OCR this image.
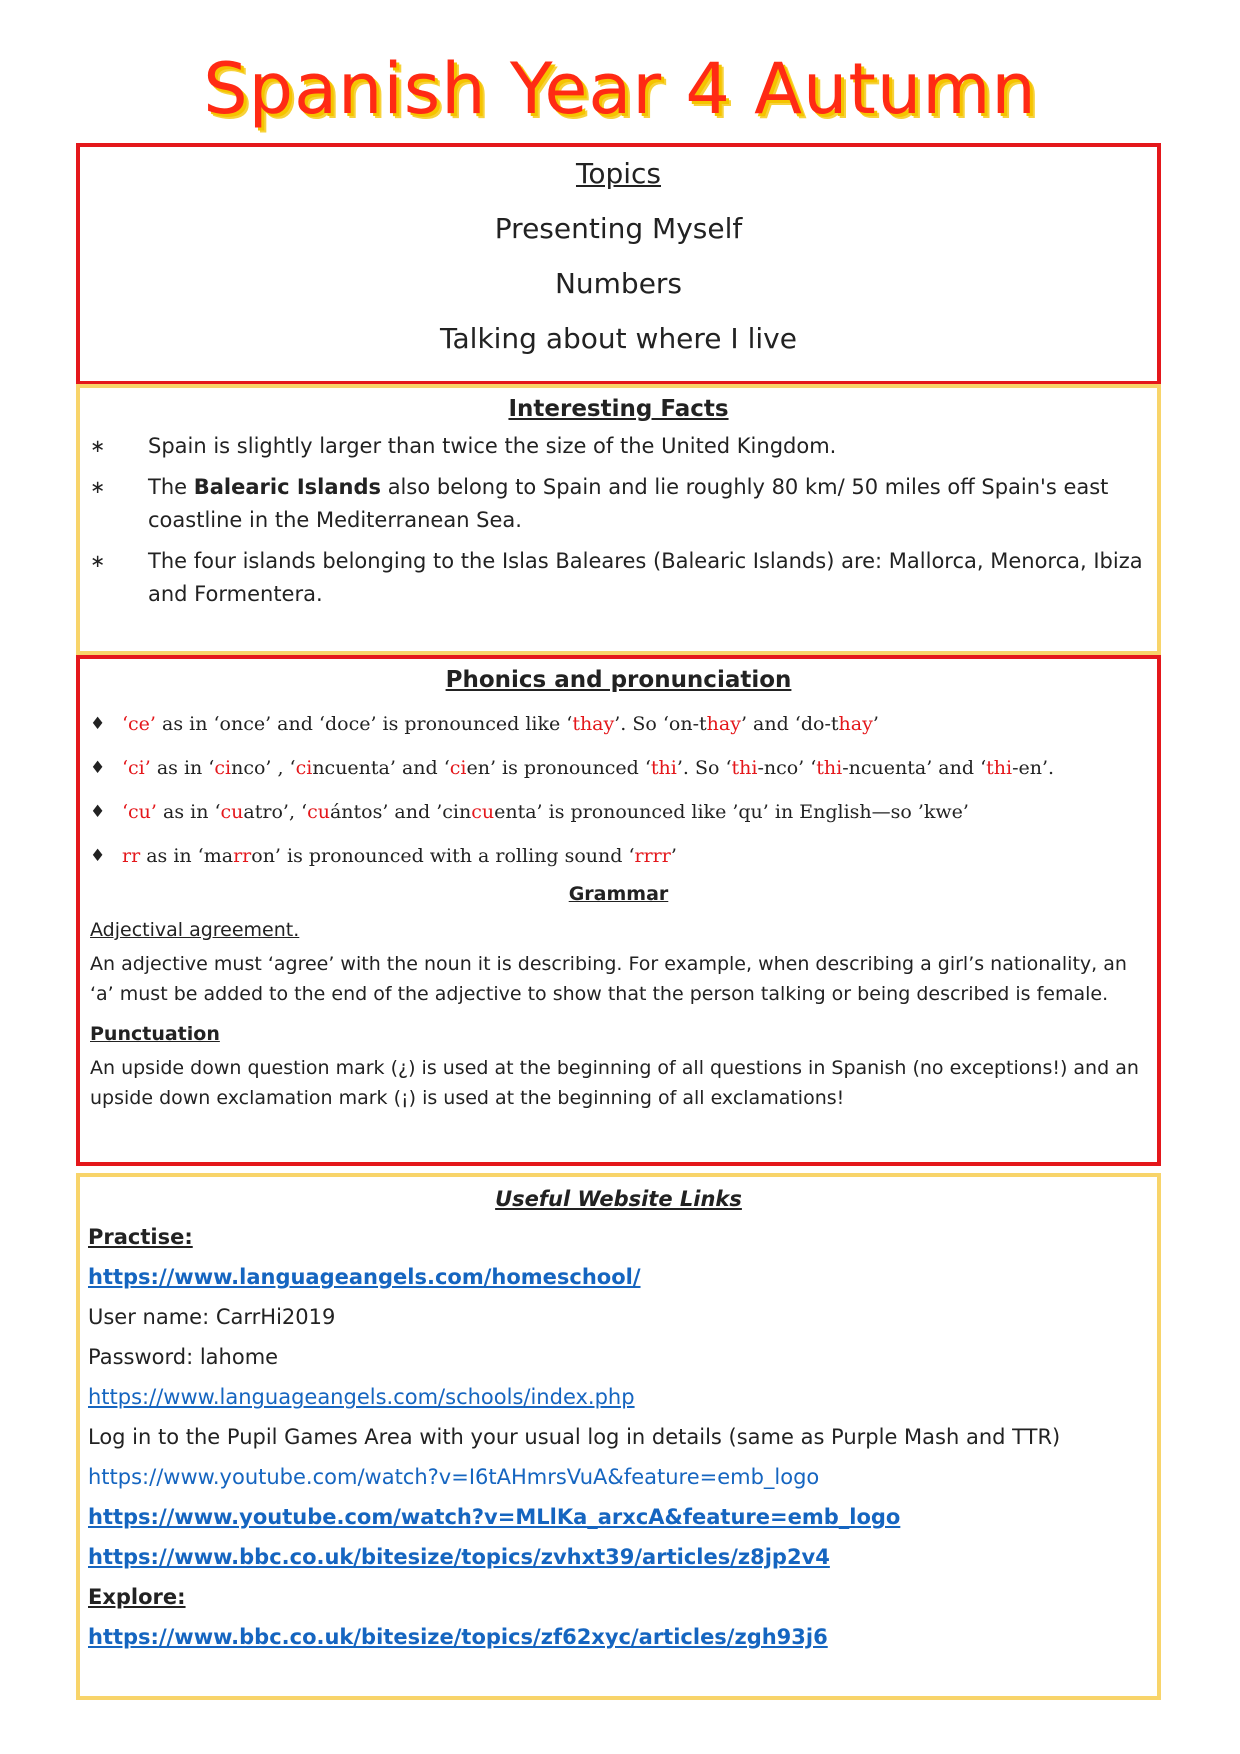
Spanish Year 4 Autumn
Topics
Presenting Myself
Numbers
Talking about where I live
Interesting Facts
∗ Spain is slightly larger than twice the size of the United Kingdom.
∗ The Balearic Islands also belong to Spain and lie roughly 80 km/ 50 miles off Spain's east coastline in the Mediterranean Sea.
∗ The four islands belonging to the Islas Baleares (Balearic Islands) are: Mallorca, Menorca, Ibiza and Formentera.
Phonics and pronunciation
♦ ‘ce’ as in ‘once’ and ‘doce’ is pronounced like ‘thay’. So ‘on-thay’ and ‘do-thay’
♦ ‘ci’ as in ‘cinco’ , ‘cincuenta’ and ‘cien’ is pronounced ‘thi’. So ‘thi-nco’ ‘thi-ncuenta’ and ‘thi-en’.
♦ ‘cu’ as in ‘cuatro’, ‘cuántos’ and ’cincuenta’ is pronounced like ’qu’ in English—so ’kwe’
♦ rr as in ‘marron’ is pronounced with a rolling sound ‘rrrr’
Grammar
Adjectival agreement.
An adjective must ‘agree’ with the noun it is describing. For example, when describing a girl’s nationality, an ‘a’ must be added to the end of the adjective to show that the person talking or being described is female.
Punctuation
An upside down question mark (¿) is used at the beginning of all questions in Spanish (no exceptions!) and an upside down exclamation mark (¡) is used at the beginning of all exclamations!
Useful Website Links
Practise:
https://www.languageangels.com/homeschool/
User name: CarrHi2019
Password: lahome
https://www.languageangels.com/schools/index.php
Log in to the Pupil Games Area with your usual log in details (same as Purple Mash and TTR)
https://www.youtube.com/watch?v=I6tAHmrsVuA&feature=emb_logo
https://www.youtube.com/watch?v=MLlKa_arxcA&feature=emb_logo
https://www.bbc.co.uk/bitesize/topics/zvhxt39/articles/z8jp2v4
Explore:
https://www.bbc.co.uk/bitesize/topics/zf62xyc/articles/zgh93j6
